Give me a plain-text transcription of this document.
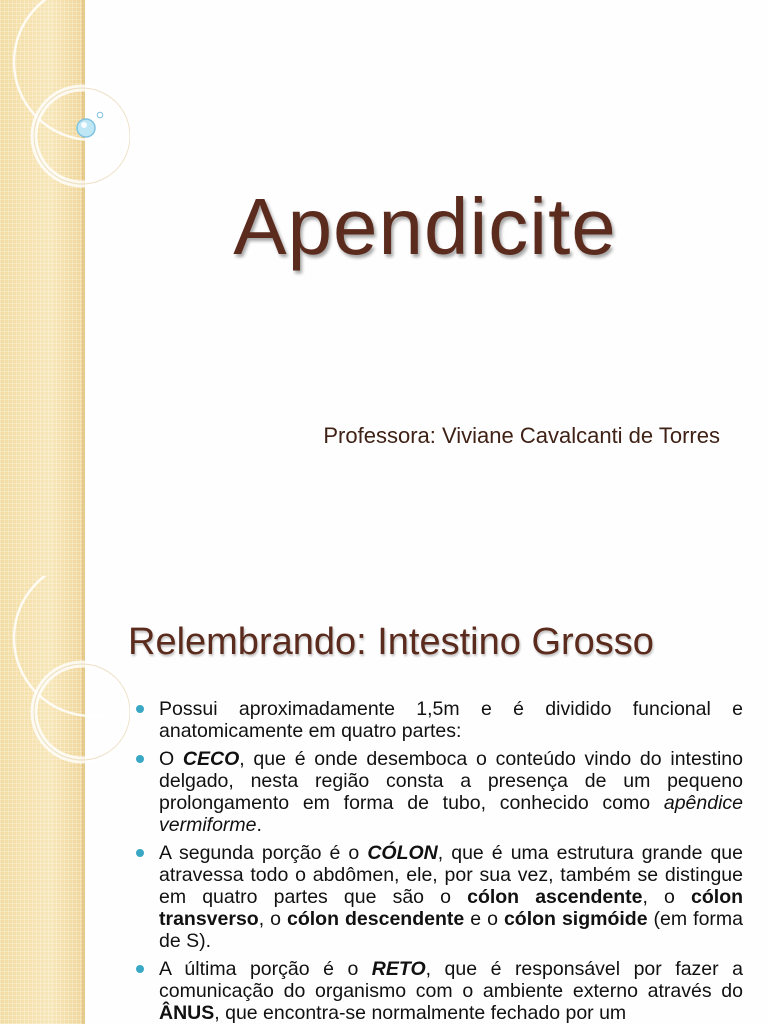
Apendicite
Professora: Viviane Cavalcanti de Torres
Relembrando: Intestino Grosso
Possui aproximadamente 1,5m e é dividido funcional e anatomicamente em quatro partes:
O CECO, que é onde desemboca o conteúdo vindo do intestino delgado, nesta região consta a presença de um pequeno prolongamento em forma de tubo, conhecido como apêndice vermiforme.
A segunda porção é o CÓLON, que é uma estrutura grande que atravessa todo o abdômen, ele, por sua vez, também se distingue em quatro partes que são o cólon ascendente, o cólon transverso, o cólon descendente e o cólon sigmóide (em forma de S).
A última porção é o RETO, que é responsável por fazer a comunicação do organismo com o ambiente externo através do ÂNUS, que encontra-se normalmente fechado por um
